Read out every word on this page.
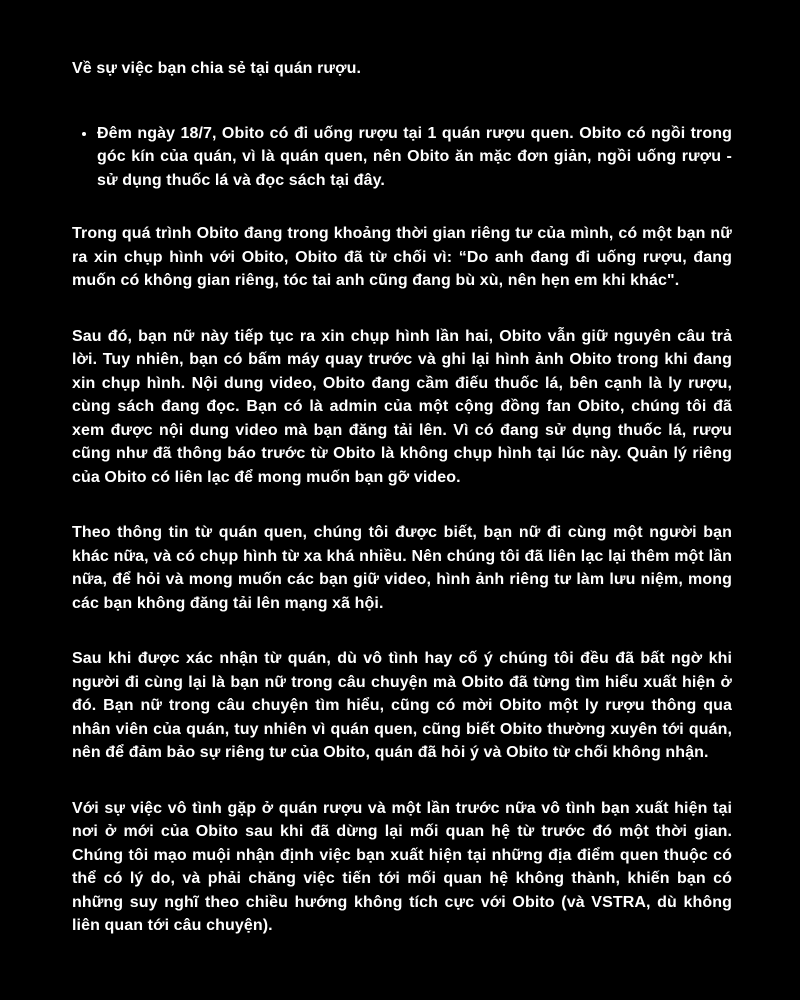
Về sự việc bạn chia sẻ tại quán rượu.

• Đêm ngày 18/7, Obito có đi uống rượu tại 1 quán rượu quen. Obito có ngồi trong góc kín của quán, vì là quán quen, nên Obito ăn mặc đơn giản, ngồi uống rượu - sử dụng thuốc lá và đọc sách tại đây.

Trong quá trình Obito đang trong khoảng thời gian riêng tư của mình, có một bạn nữ ra xin chụp hình với Obito, Obito đã từ chối vì: “Do anh đang đi uống rượu, đang muốn có không gian riêng, tóc tai anh cũng đang bù xù, nên hẹn em khi khác".

Sau đó, bạn nữ này tiếp tục ra xin chụp hình lần hai, Obito vẫn giữ nguyên câu trả lời. Tuy nhiên, bạn có bấm máy quay trước và ghi lại hình ảnh Obito trong khi đang xin chụp hình. Nội dung video, Obito đang cầm điếu thuốc lá, bên cạnh là ly rượu, cùng sách đang đọc. Bạn có là admin của một cộng đồng fan Obito, chúng tôi đã xem được nội dung video mà bạn đăng tải lên. Vì có đang sử dụng thuốc lá, rượu cũng như đã thông báo trước từ Obito là không chụp hình tại lúc này. Quản lý riêng của Obito có liên lạc để mong muốn bạn gỡ video.

Theo thông tin từ quán quen, chúng tôi được biết, bạn nữ đi cùng một người bạn khác nữa, và có chụp hình từ xa khá nhiều. Nên chúng tôi đã liên lạc lại thêm một lần nữa, để hỏi và mong muốn các bạn giữ video, hình ảnh riêng tư làm lưu niệm, mong các bạn không đăng tải lên mạng xã hội.

Sau khi được xác nhận từ quán, dù vô tình hay cố ý chúng tôi đều đã bất ngờ khi người đi cùng lại là bạn nữ trong câu chuyện mà Obito đã từng tìm hiểu xuất hiện ở đó. Bạn nữ trong câu chuyện tìm hiểu, cũng có mời Obito một ly rượu thông qua nhân viên của quán, tuy nhiên vì quán quen, cũng biết Obito thường xuyên tới quán, nên để đảm bảo sự riêng tư của Obito, quán đã hỏi ý và Obito từ chối không nhận.

Với sự việc vô tình gặp ở quán rượu và một lần trước nữa vô tình bạn xuất hiện tại nơi ở mới của Obito sau khi đã dừng lại mối quan hệ từ trước đó một thời gian. Chúng tôi mạo muội nhận định việc bạn xuất hiện tại những địa điểm quen thuộc có thể có lý do, và phải chăng việc tiến tới mối quan hệ không thành, khiến bạn có những suy nghĩ theo chiều hướng không tích cực với Obito (và VSTRA, dù không liên quan tới câu chuyện).
